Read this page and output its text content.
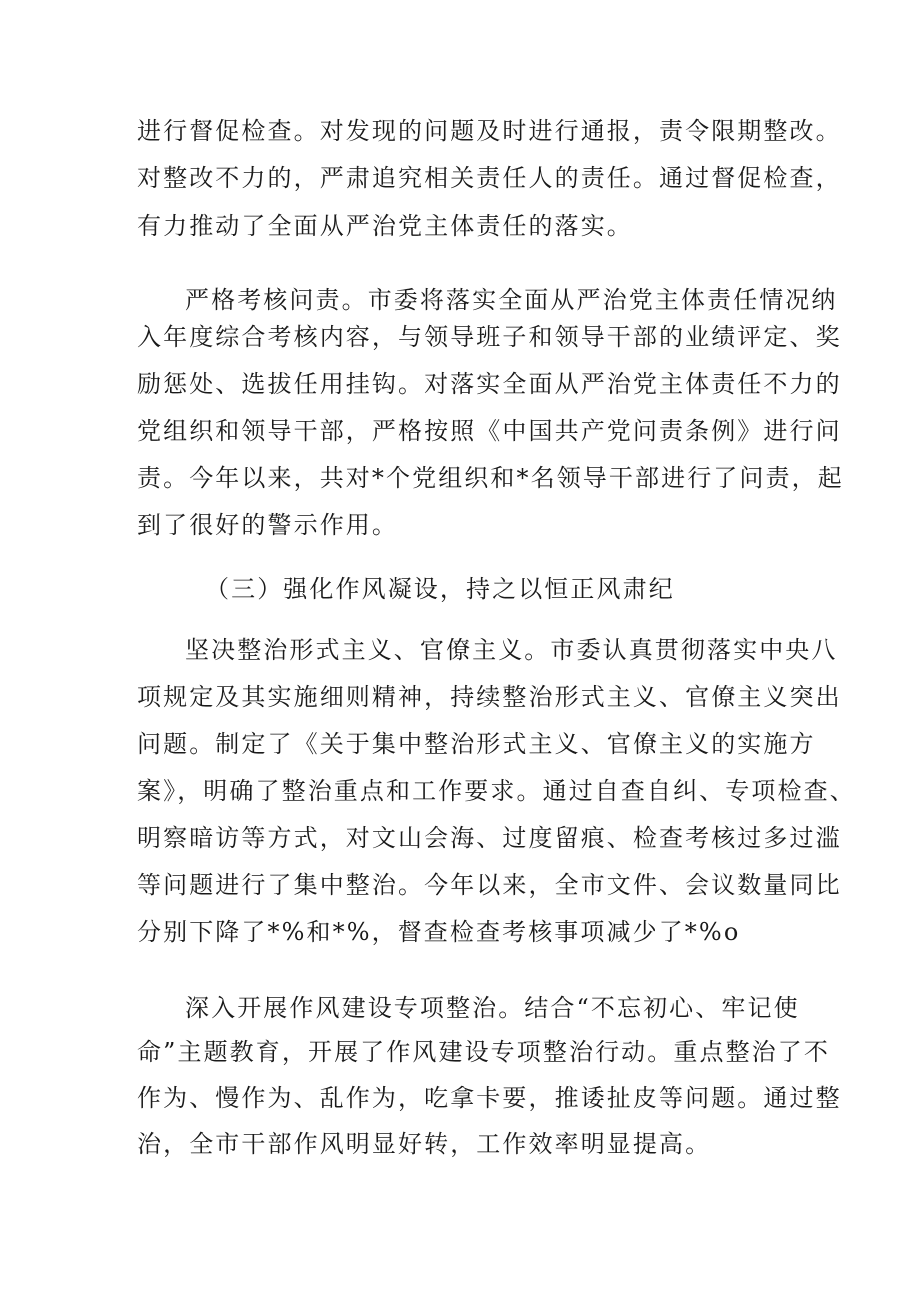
进行督促检查。对发现的问题及时进行通报，责令限期整改。
对整改不力的，严肃追究相关责任人的责任。通过督促检查，
有力推动了全面从严治党主体责任的落实。
严格考核问责。市委将落实全面从严治党主体责任情况纳
入年度综合考核内容，与领导班子和领导干部的业绩评定、奖
励惩处、选拔任用挂钩。对落实全面从严治党主体责任不力的
党组织和领导干部，严格按照《中国共产党问责条例》进行问
责。今年以来，共对*个党组织和*名领导干部进行了问责，起
到了很好的警示作用。
（三）强化作风凝设，持之以恒正风肃纪
坚决整治形式主义、官僚主义。市委认真贯彻落实中央八
项规定及其实施细则精神，持续整治形式主义、官僚主义突出
问题。制定了《关于集中整治形式主义、官僚主义的实施方
案》，明确了整治重点和工作要求。通过自查自纠、专项检查、
明察暗访等方式，对文山会海、过度留痕、检查考核过多过滥
等问题进行了集中整治。今年以来，全市文件、会议数量同比
分别下降了*%和*%，督查检查考核事项减少了*%o
深入开展作风建设专项整治。结合“不忘初心、牢记使
命”主题教育，开展了作风建设专项整治行动。重点整治了不
作为、慢作为、乱作为，吃拿卡要，推诿扯皮等问题。通过整
治，全市干部作风明显好转，工作效率明显提高。
